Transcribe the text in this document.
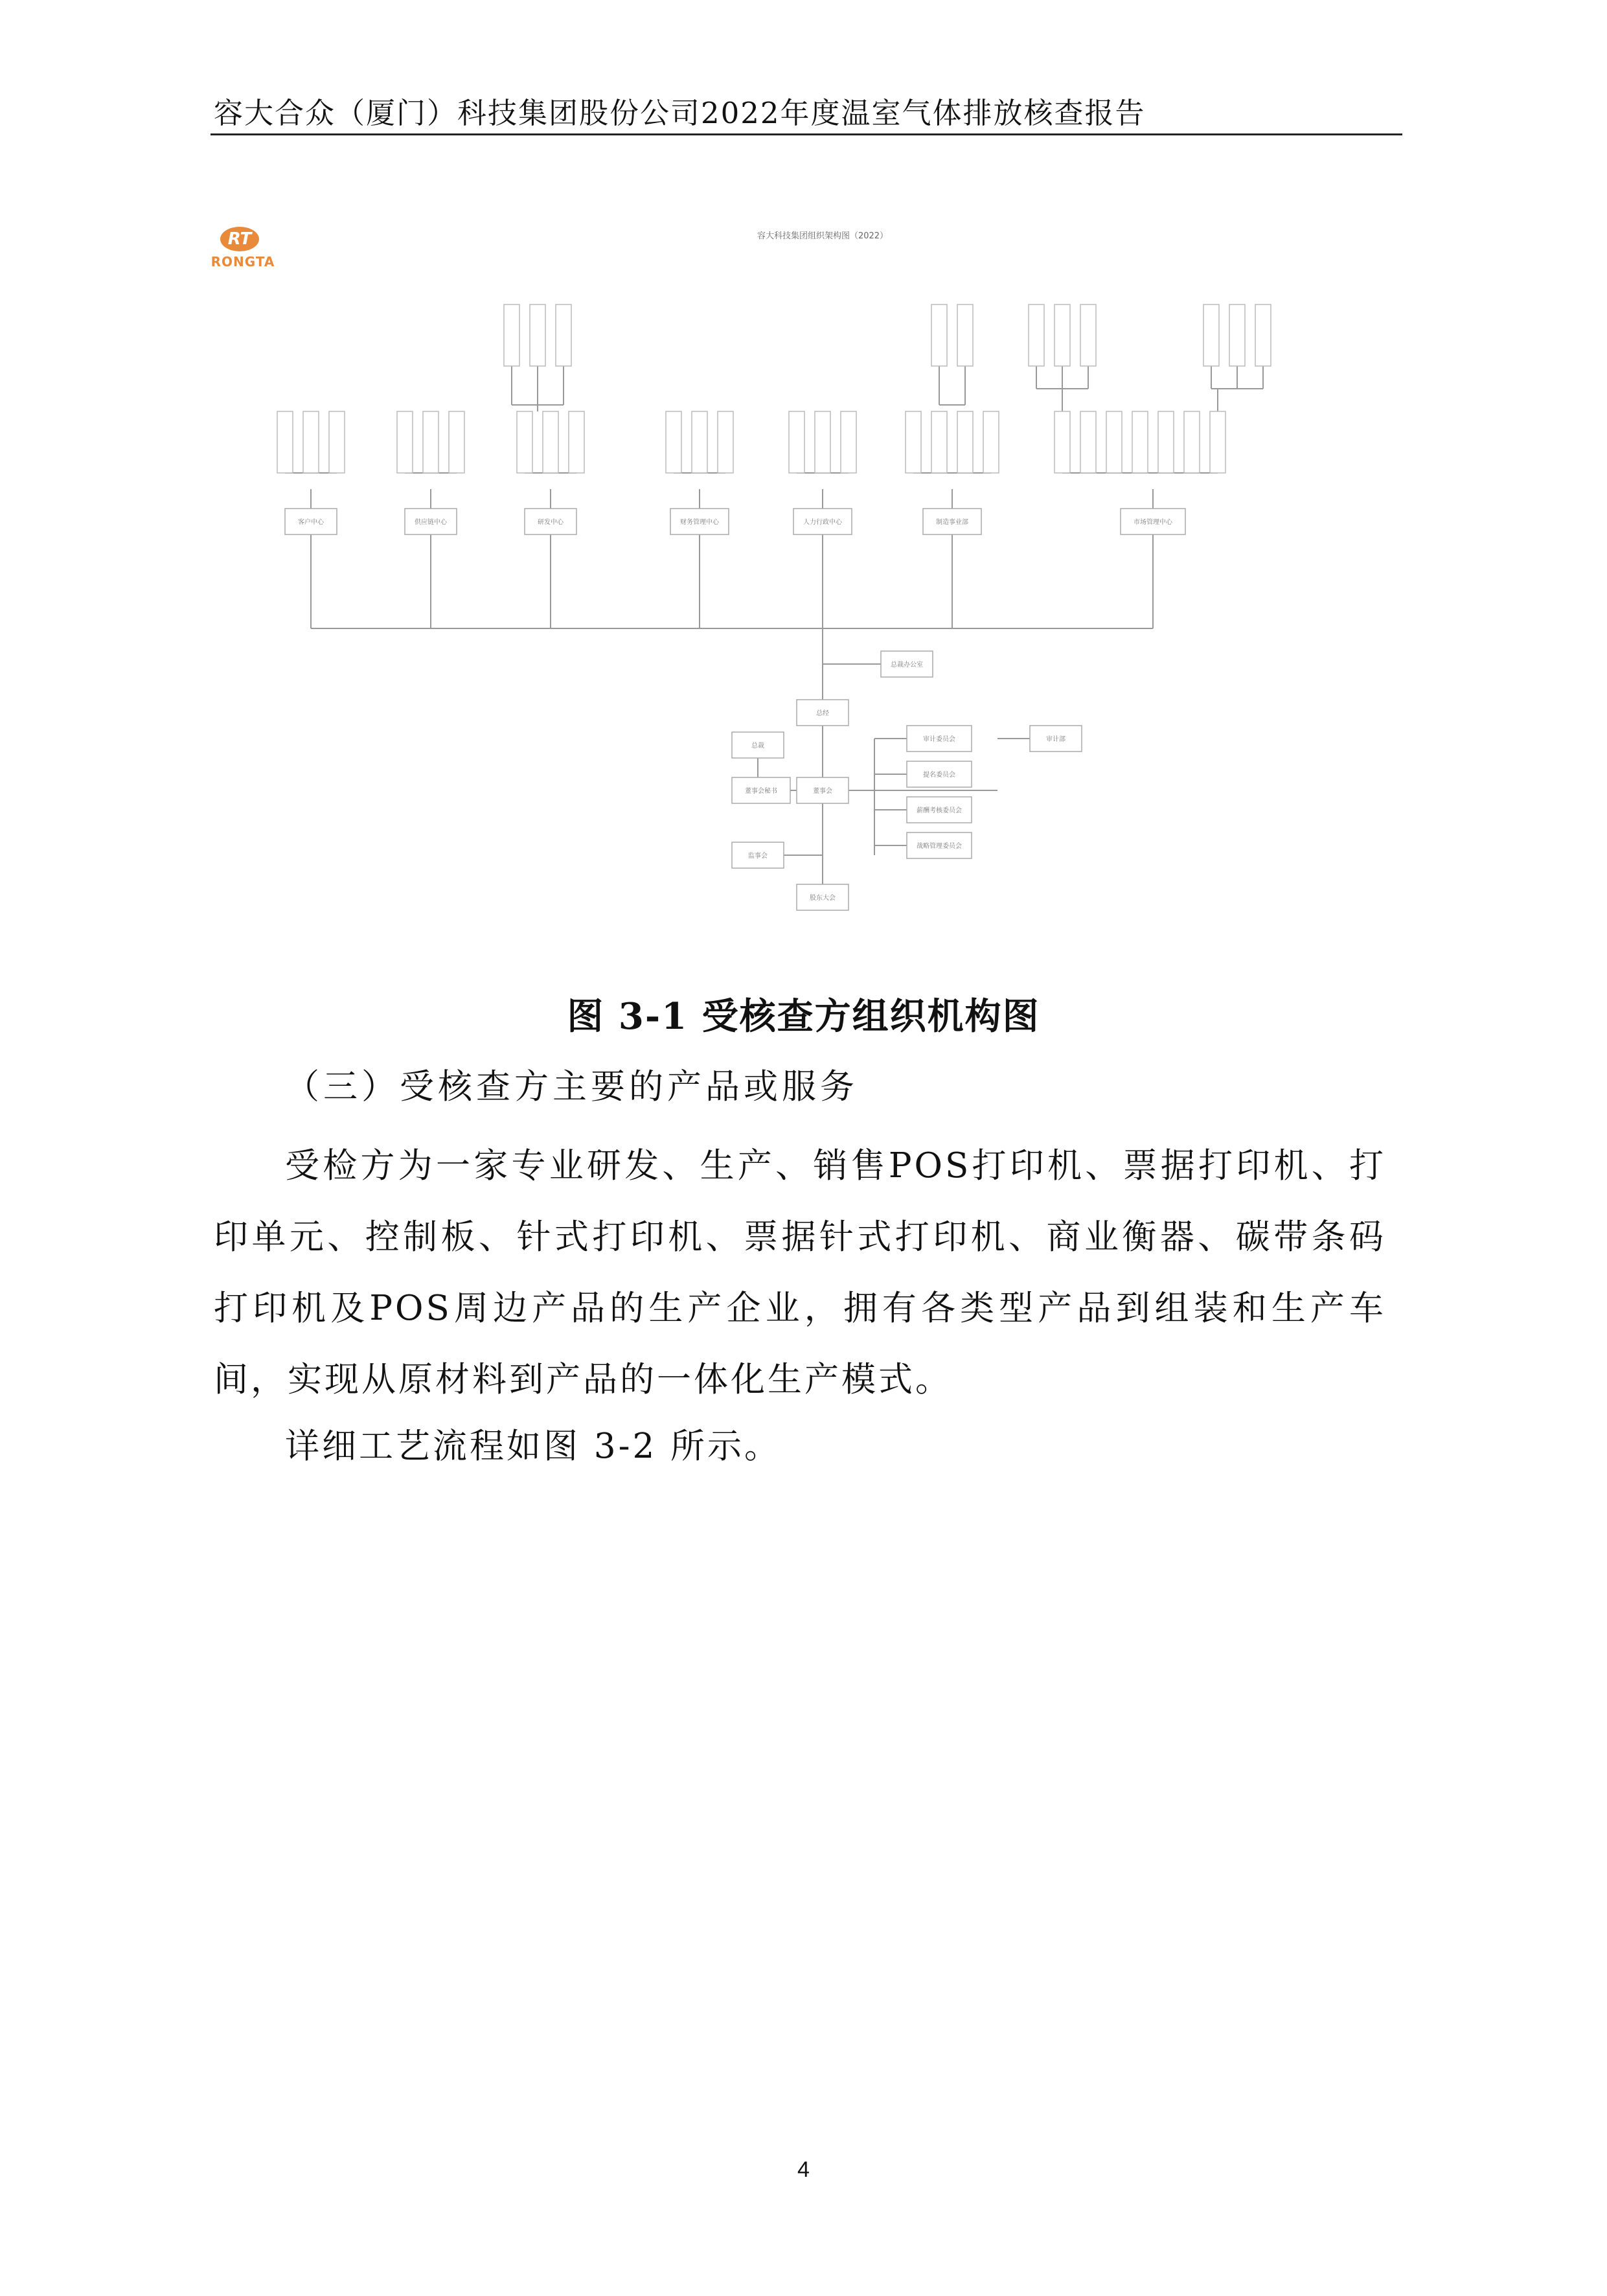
容大合众（厦门）科技集团股份公司2022年度温室气体排放核查报告
RT
RONGTA
容大科技集团组织架构图（2022）
客户中心	供应链中心	研发中心	财务管理中心	人力行政中心	制造事业部	市场管理中心
总裁办公室
总经
总裁
董事会秘书	董事会
监事会
股东大会
审计委员会
提名委员会
薪酬考核委员会
战略管理委员会
审计部
图 3-1 受核查方组织机构图
（三）受核查方主要的产品或服务

受检方为一家专业研发、生产、销售POS打印机、票据打印机、打印单元、控制板、针式打印机、票据针式打印机、商业衡器、碳带条码打印机及POS周边产品的生产企业，拥有各类型产品到组装和生产车间，实现从原材料到产品的一体化生产模式。

详细工艺流程如图 3-2 所示。
4
